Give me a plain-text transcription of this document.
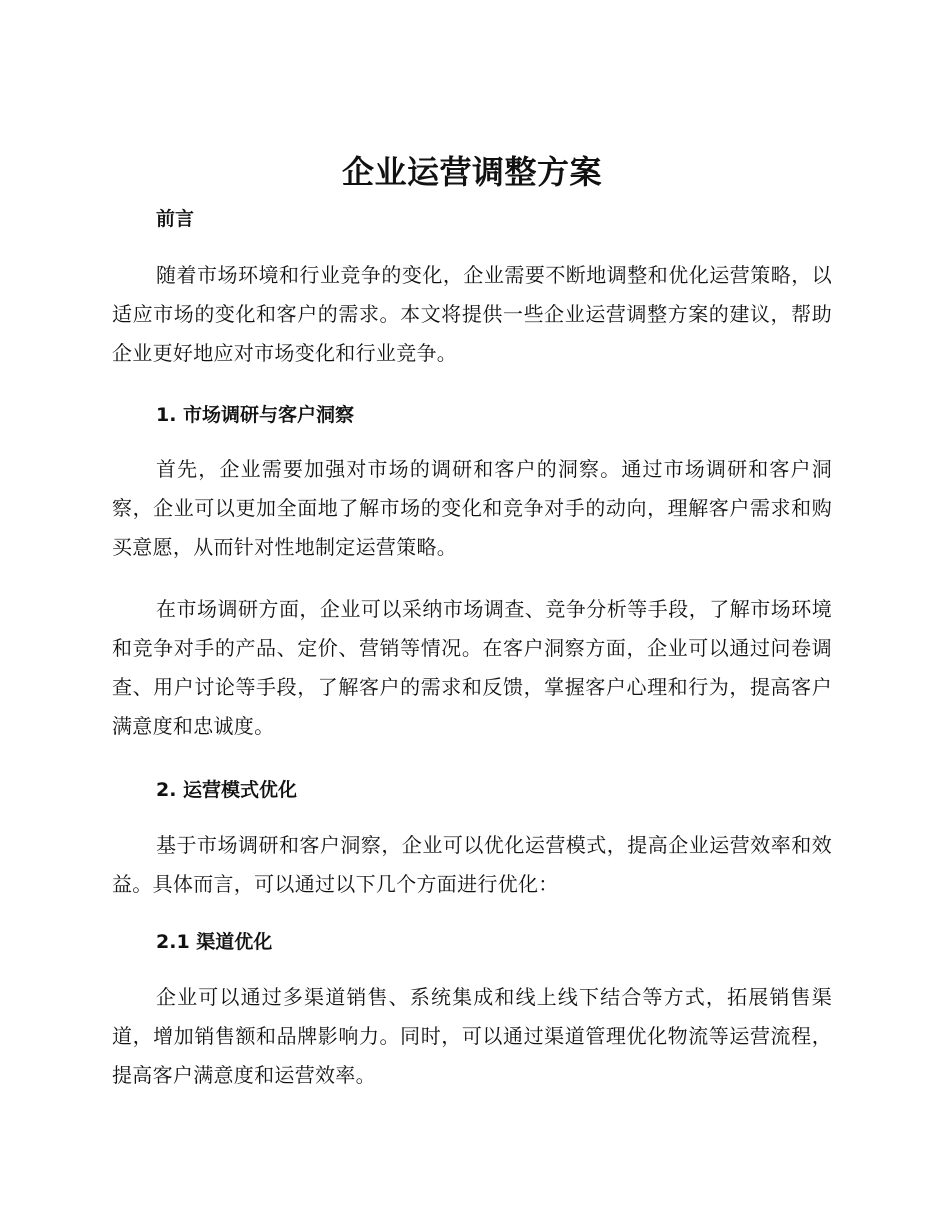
企业运营调整方案
前言

随着市场环境和行业竞争的变化，企业需要不断地调整和优化运营策略，以适应市场的变化和客户的需求。本文将提供一些企业运营调整方案的建议，帮助企业更好地应对市场变化和行业竞争。

1. 市场调研与客户洞察

首先，企业需要加强对市场的调研和客户的洞察。通过市场调研和客户洞察，企业可以更加全面地了解市场的变化和竞争对手的动向，理解客户需求和购买意愿，从而针对性地制定运营策略。

在市场调研方面，企业可以采纳市场调查、竞争分析等手段，了解市场环境和竞争对手的产品、定价、营销等情况。在客户洞察方面，企业可以通过问卷调查、用户讨论等手段，了解客户的需求和反馈，掌握客户心理和行为，提高客户满意度和忠诚度。

2. 运营模式优化

基于市场调研和客户洞察，企业可以优化运营模式，提高企业运营效率和效益。具体而言，可以通过以下几个方面进行优化：

2.1 渠道优化

企业可以通过多渠道销售、系统集成和线上线下结合等方式，拓展销售渠道，增加销售额和品牌影响力。同时，可以通过渠道管理优化物流等运营流程，提高客户满意度和运营效率。
